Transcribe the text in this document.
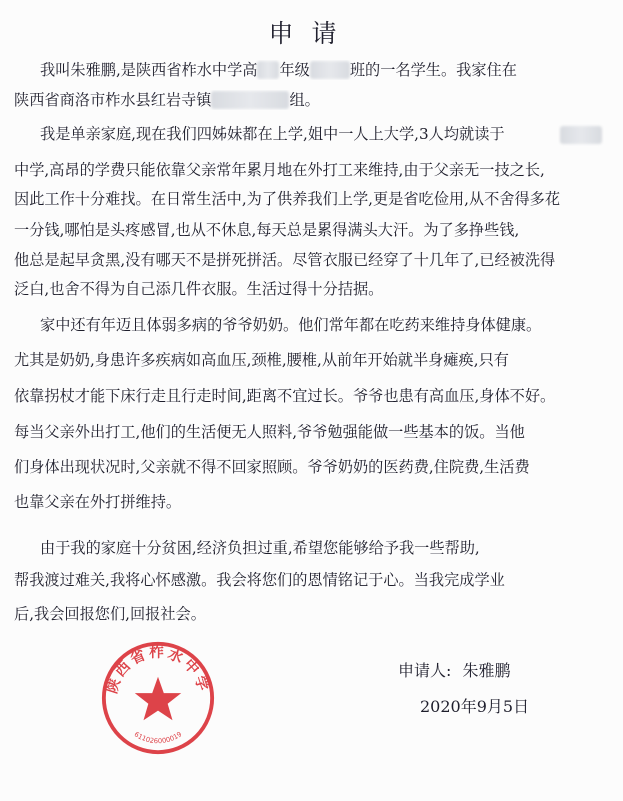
申请
我叫朱雅鹏,是陕西省柞水中学高 年级	班的一名学生。我家住在
陕西省商洛市柞水县红岩寺镇	组。
我是单亲家庭,现在我们四姊妹都在上学,姐中一人上大学,3人均就读于
中学,高昂的学费只能依靠父亲常年累月地在外打工来维持,由于父亲无一技之长,
因此工作十分难找。在日常生活中,为了供养我们上学,更是省吃俭用,从不舍得多花
一分钱,哪怕是头疼感冒,也从不休息,每天总是累得满头大汗。为了多挣些钱,
他总是起早贪黑,没有哪天不是拼死拼活。尽管衣服已经穿了十几年了,已经被洗得
泛白,也舍不得为自己添几件衣服。生活过得十分拮据。
家中还有年迈且体弱多病的爷爷奶奶。他们常年都在吃药来维持身体健康。
尤其是奶奶,身患许多疾病如高血压,颈椎,腰椎,从前年开始就半身瘫痪,只有
依靠拐杖才能下床行走且行走时间,距离不宜过长。爷爷也患有高血压,身体不好。
每当父亲外出打工,他们的生活便无人照料,爷爷勉强能做一些基本的饭。当他
们身体出现状况时,父亲就不得不回家照顾。爷爷奶奶的医药费,住院费,生活费
也靠父亲在外打拼维持。
由于我的家庭十分贫困,经济负担过重,希望您能够给予我一些帮助,
帮我渡过难关,我将心怀感激。我会将您们的恩情铭记于心。当我完成学业
后,我会回报您们,回报社会。
申请人: 朱雅鹏
2020年9月5日
陕西省柞水中学
611026000019
